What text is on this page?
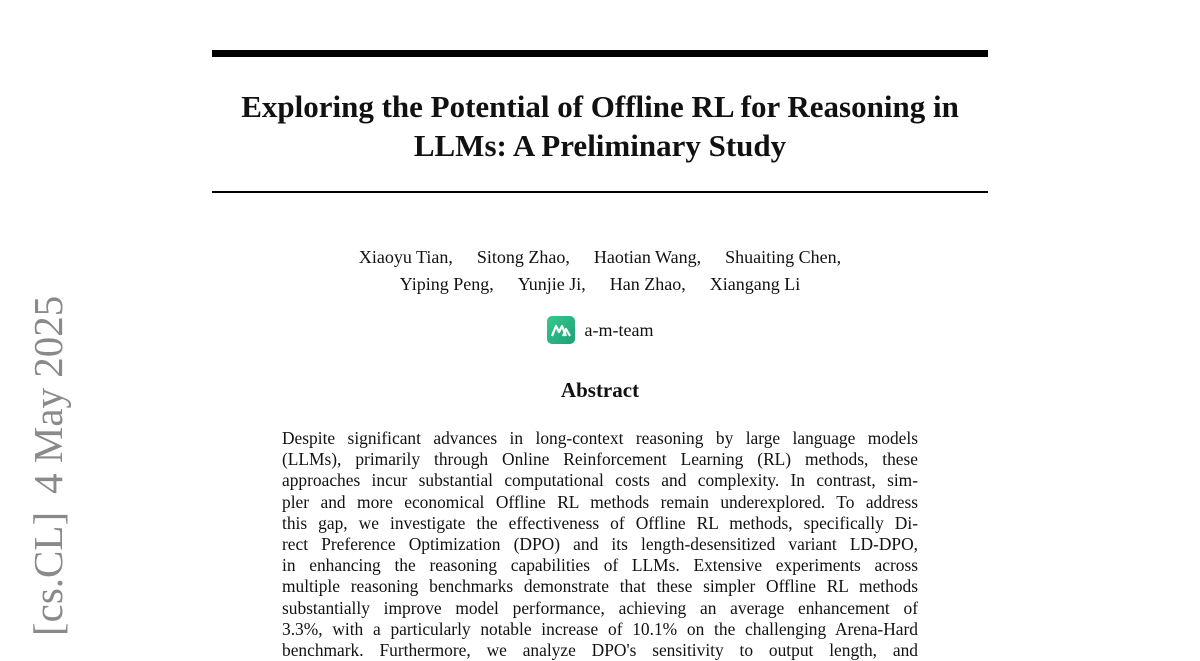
Exploring the Potential of Offline RL for Reasoning in
LLMs: A Preliminary Study
Xiaoyu Tian, Sitong Zhao, Haotian Wang, Shuaiting Chen,
Yiping Peng, Yunjie Ji, Han Zhao, Xiangang Li
a-m-team
Abstract

Despite significant advances in long-context reasoning by large language models
(LLMs), primarily through Online Reinforcement Learning (RL) methods, these
approaches incur substantial computational costs and complexity. In contrast, sim-
pler and more economical Offline RL methods remain underexplored. To address
this gap, we investigate the effectiveness of Offline RL methods, specifically Di-
rect Preference Optimization (DPO) and its length-desensitized variant LD-DPO,
in enhancing the reasoning capabilities of LLMs. Extensive experiments across
multiple reasoning benchmarks demonstrate that these simpler Offline RL methods
substantially improve model performance, achieving an average enhancement of
3.3%, with a particularly notable increase of 10.1% on the challenging Arena-Hard
benchmark. Furthermore, we analyze DPO's sensitivity to output length, and

[cs.CL]4 May 2025
